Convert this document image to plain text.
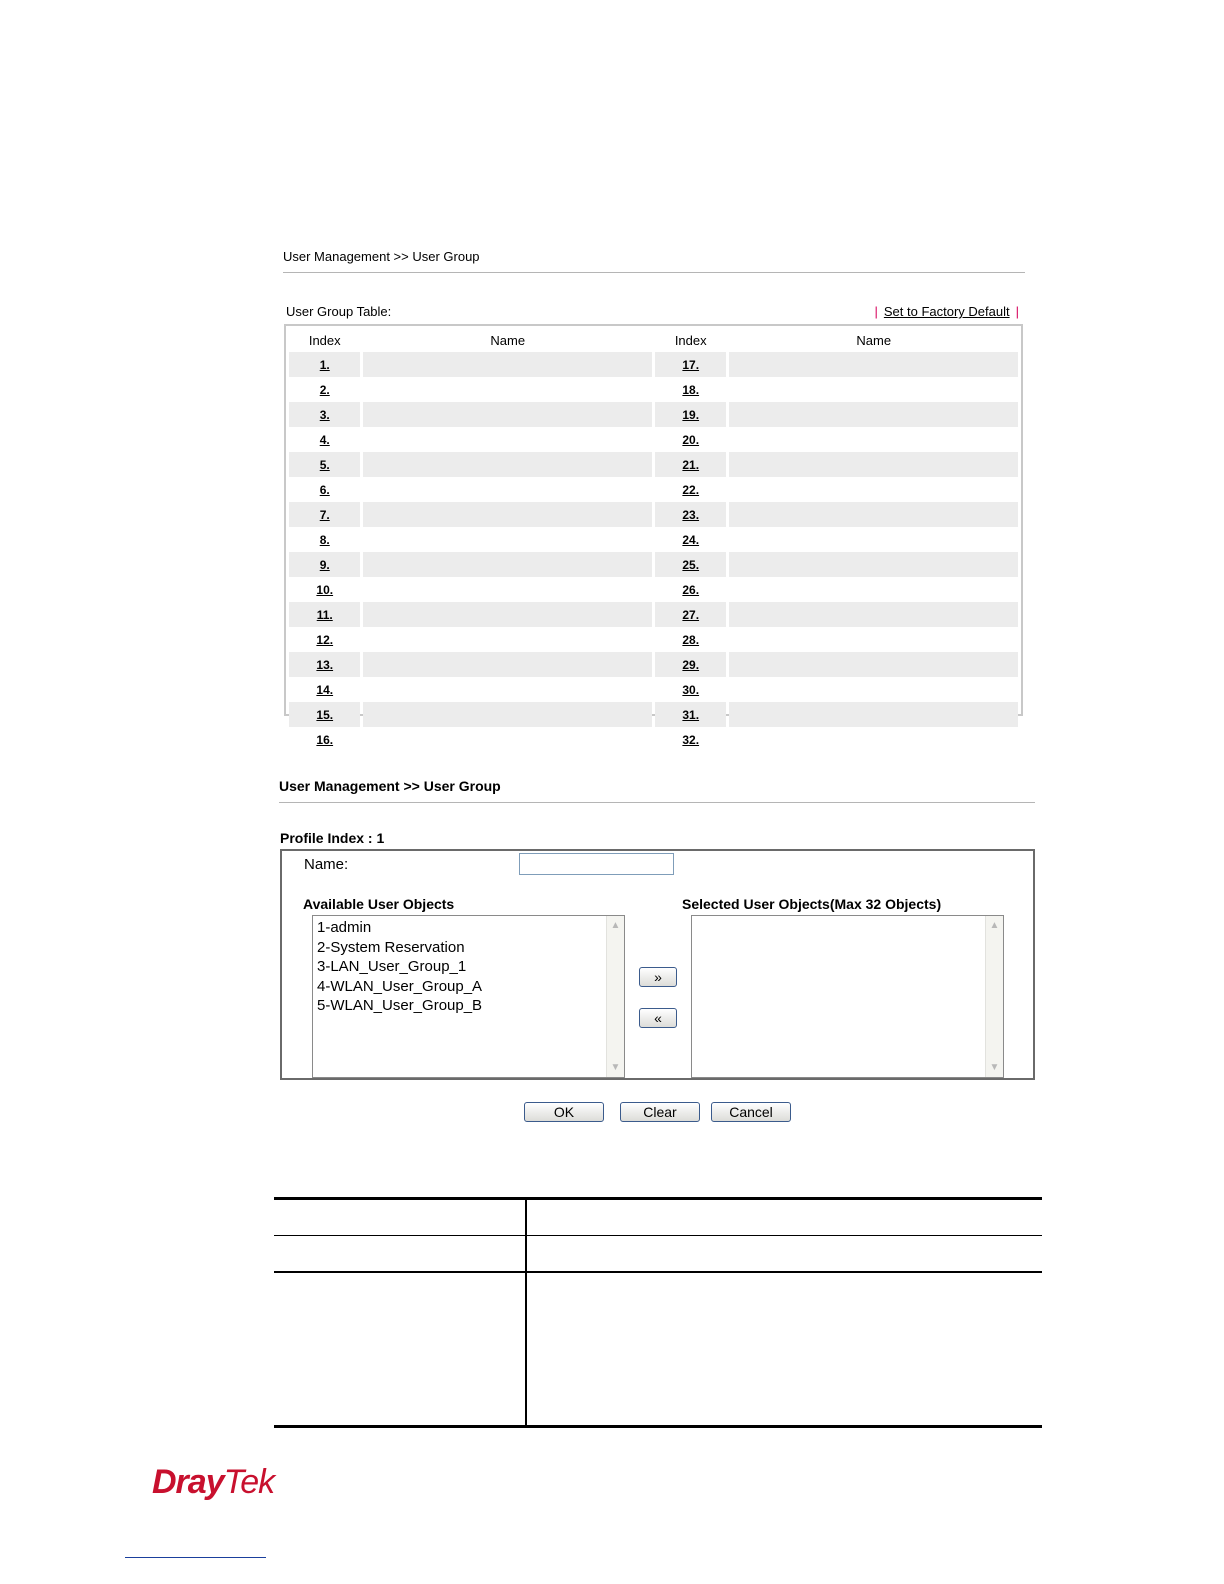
User Management >> User Group
User Group Table:	| Set to Factory Default |
Index	Name	Index	Name
1.		17.	
2.		18.	
3.		19.	
4.		20.	
5.		21.	
6.		22.	
7.		23.	
8.		24.	
9.		25.	
10.		26.	
11.		27.	
12.		28.	
13.		29.	
14.		30.	
15.		31.	
16.		32.	
User Management >> User Group
Profile Index : 1
Name:
Available User Objects	Selected User Objects(Max 32 Objects)
1-admin
2-System Reservation
3-LAN_User_Group_1
4-WLAN_User_Group_A
5-WLAN_User_Group_B
▲
▼
▲
▼
»
«
OK	Clear	Cancel
DrayTek
